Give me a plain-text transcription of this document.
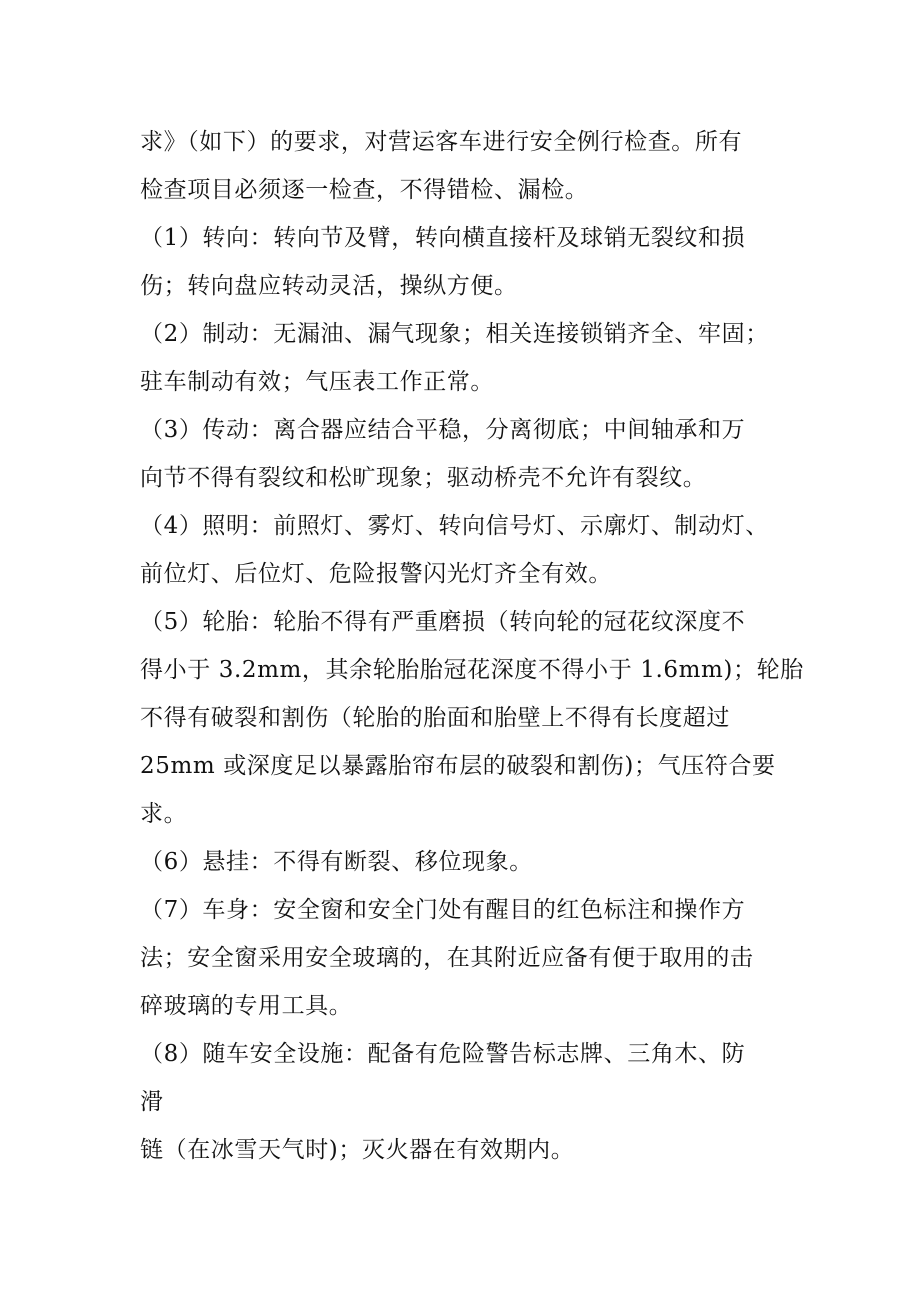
求》（如下）的要求，对营运客车进行安全例行检查。所有
检查项目必须逐一检查，不得错检、漏检。
（1）转向：转向节及臂，转向横直接杆及球销无裂纹和损
伤；转向盘应转动灵活，操纵方便。
（2）制动：无漏油、漏气现象；相关连接锁销齐全、牢固；
驻车制动有效；气压表工作正常。
（3）传动：离合器应结合平稳，分离彻底；中间轴承和万
向节不得有裂纹和松旷现象；驱动桥壳不允许有裂纹。
（4）照明：前照灯、雾灯、转向信号灯、示廓灯、制动灯、
前位灯、后位灯、危险报警闪光灯齐全有效。
（5）轮胎：轮胎不得有严重磨损（转向轮的冠花纹深度不
得小于 3.2mm，其余轮胎胎冠花深度不得小于 1.6mm)；轮胎
不得有破裂和割伤（轮胎的胎面和胎壁上不得有长度超过
25mm 或深度足以暴露胎帘布层的破裂和割伤)；气压符合要
求。
（6）悬挂：不得有断裂、移位现象。
（7）车身：安全窗和安全门处有醒目的红色标注和操作方
法；安全窗采用安全玻璃的，在其附近应备有便于取用的击
碎玻璃的专用工具。
（8）随车安全设施：配备有危险警告标志牌、三角木、防
滑
链（在冰雪天气时)；灭火器在有效期内。
